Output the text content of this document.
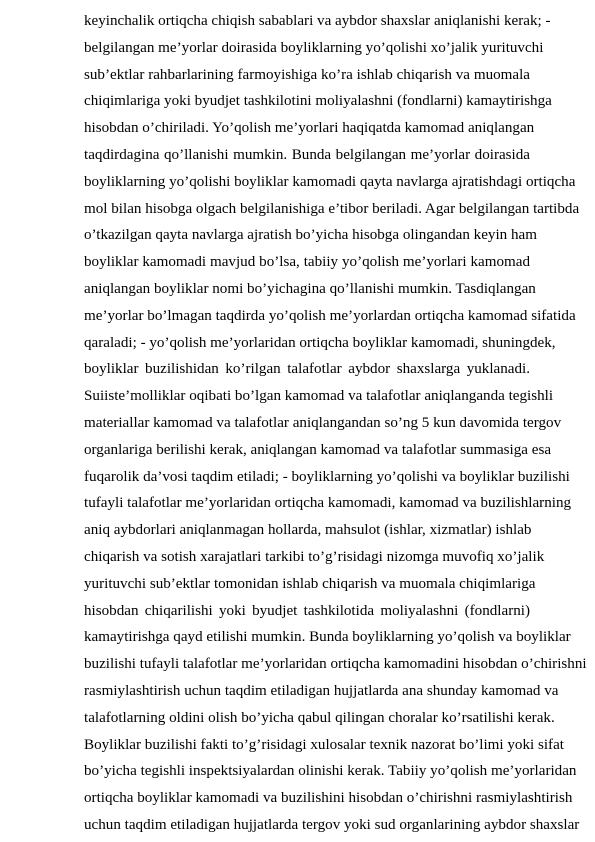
keyinchalik ortiqcha chiqish sabablari va aybdor shaxslar aniqlanishi kerak; -
belgilangan me’yorlar doirasida boyliklarning yo’qolishi xo’jalik yurituvchi
sub’ektlar rahbarlarining farmoyishiga ko’ra ishlab chiqarish va muomala
chiqimlariga yoki byudjet tashkilotini moliyalashni (fondlarni) kamaytirishga
hisobdan o’chiriladi. Yo’qolish me’yorlari haqiqatda kamomad aniqlangan
taqdirdagina qo’llanishi mumkin. Bunda belgilangan me’yorlar doirasida
boyliklarning yo’qolishi boyliklar kamomadi qayta navlarga ajratishdagi ortiqcha
mol bilan hisobga olgach belgilanishiga e’tibor beriladi. Agar belgilangan tartibda
o’tkazilgan qayta navlarga ajratish bo’yicha hisobga olingandan keyin ham
boyliklar kamomadi mavjud bo’lsa, tabiiy yo’qolish me’yorlari kamomad
aniqlangan boyliklar nomi bo’yichagina qo’llanishi mumkin. Tasdiqlangan
me’yorlar bo’lmagan taqdirda yo’qolish me’yorlardan ortiqcha kamomad sifatida
qaraladi; - yo’qolish me’yorlaridan ortiqcha boyliklar kamomadi, shuningdek,
boyliklar buzilishidan ko’rilgan talafotlar aybdor shaxslarga yuklanadi.
Suiiste’molliklar oqibati bo’lgan kamomad va talafotlar aniqlanganda tegishli
materiallar kamomad va talafotlar aniqlangandan so’ng 5 kun davomida tergov
organlariga berilishi kerak, aniqlangan kamomad va talafotlar summasiga esa
fuqarolik da’vosi taqdim etiladi; - boyliklarning yo’qolishi va boyliklar buzilishi
tufayli talafotlar me’yorlaridan ortiqcha kamomadi, kamomad va buzilishlarning
aniq aybdorlari aniqlanmagan hollarda, mahsulot (ishlar, xizmatlar) ishlab
chiqarish va sotish xarajatlari tarkibi to’g’risidagi nizomga muvofiq xo’jalik
yurituvchi sub’ektlar tomonidan ishlab chiqarish va muomala chiqimlariga
hisobdan chiqarilishi yoki byudjet tashkilotida moliyalashni (fondlarni)
kamaytirishga qayd etilishi mumkin. Bunda boyliklarning yo’qolish va boyliklar
buzilishi tufayli talafotlar me’yorlaridan ortiqcha kamomadini hisobdan o’chirishni
rasmiylashtirish uchun taqdim etiladigan hujjatlarda ana shunday kamomad va
talafotlarning oldini olish bo’yicha qabul qilingan choralar ko’rsatilishi kerak.
Boyliklar buzilishi fakti to’g’risidagi xulosalar texnik nazorat bo’limi yoki sifat
bo’yicha tegishli inspektsiyalardan olinishi kerak. Tabiiy yo’qolish me’yorlaridan
ortiqcha boyliklar kamomadi va buzilishini hisobdan o’chirishni rasmiylashtirish
uchun taqdim etiladigan hujjatlarda tergov yoki sud organlarining aybdor shaxslar
